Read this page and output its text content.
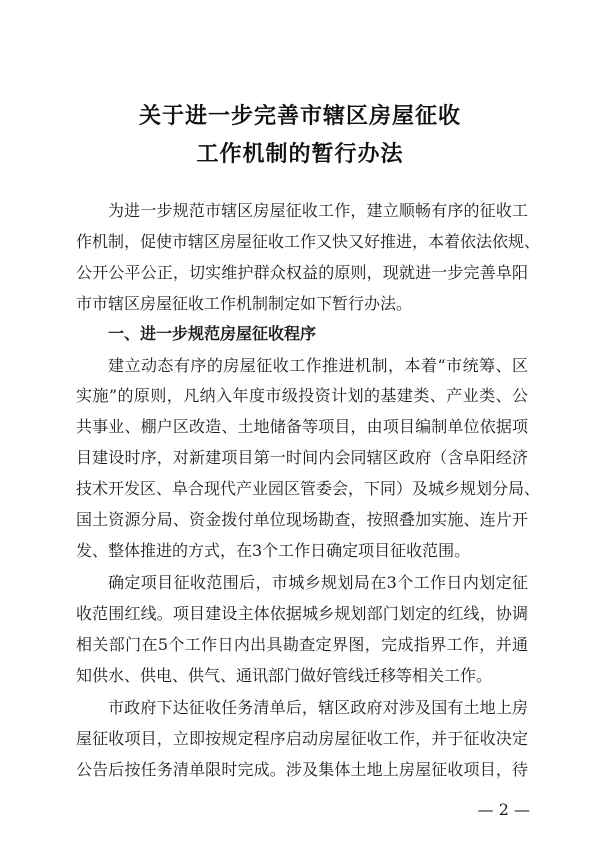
关于进一步完善市辖区房屋征收
工作机制的暂行办法
为进一步规范市辖区房屋征收工作，建立顺畅有序的征收工
作机制，促使市辖区房屋征收工作又快又好推进，本着依法依规、
公开公平公正，切实维护群众权益的原则，现就进一步完善阜阳
市市辖区房屋征收工作机制制定如下暂行办法。
一、进一步规范房屋征收程序
建立动态有序的房屋征收工作推进机制，本着“市统筹、区
实施”的原则，凡纳入年度市级投资计划的基建类、产业类、公
共事业、棚户区改造、土地储备等项目，由项目编制单位依据项
目建设时序，对新建项目第一时间内会同辖区政府（含阜阳经济
技术开发区、阜合现代产业园区管委会，下同）及城乡规划分局、
国土资源分局、资金拨付单位现场勘查，按照叠加实施、连片开
发、整体推进的方式，在3个工作日确定项目征收范围。
确定项目征收范围后，市城乡规划局在3个工作日内划定征
收范围红线。项目建设主体依据城乡规划部门划定的红线，协调
相关部门在5个工作日内出具勘查定界图，完成指界工作，并通
知供水、供电、供气、通讯部门做好管线迁移等相关工作。
市政府下达征收任务清单后，辖区政府对涉及国有土地上房
屋征收项目，立即按规定程序启动房屋征收工作，并于征收决定
公告后按任务清单限时完成。涉及集体土地上房屋征收项目，待
— 2 —
